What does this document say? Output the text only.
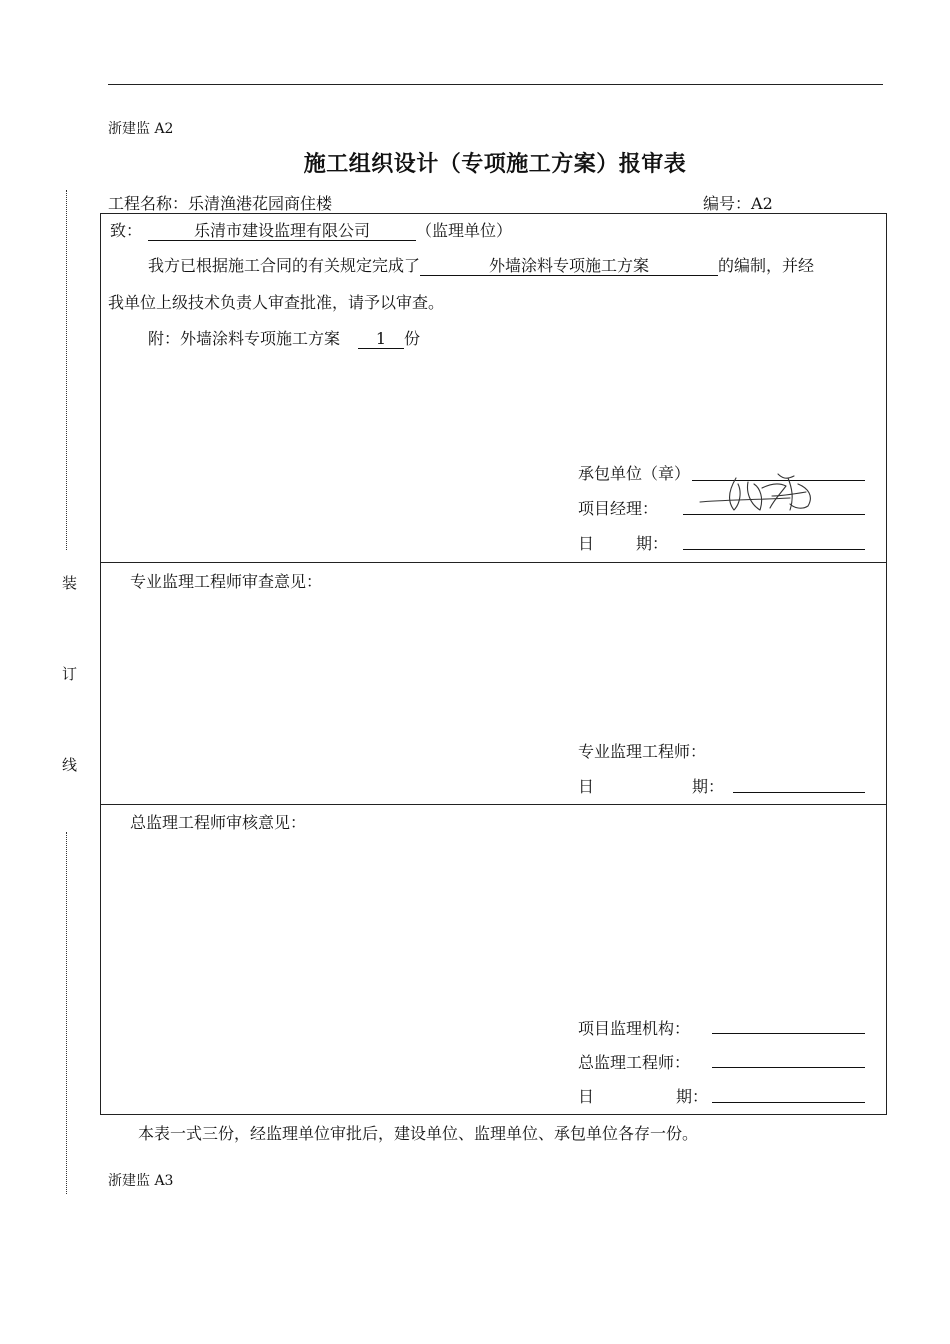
浙建监 A2
施工组织设计（专项施工方案）报审表
装
订
线
工程名称：乐清渔港花园商住楼	编号：A2
致：	乐清市建设监理有限公司	（监理单位）
我方已根据施工合同的有关规定完成了	外墙涂料专项施工方案	的编制，并经
我单位上级技术负责人审查批准，请予以审查。
附：外墙涂料专项施工方案 1 份
承包单位（章）
项目经理：
日	期：
专业监理工程师审查意见：
专业监理工程师：
日	期：
总监理工程师审核意见：
项目监理机构：
总监理工程师：
日	期：
本表一式三份，经监理单位审批后，建设单位、监理单位、承包单位各存一份。
浙建监 A3
